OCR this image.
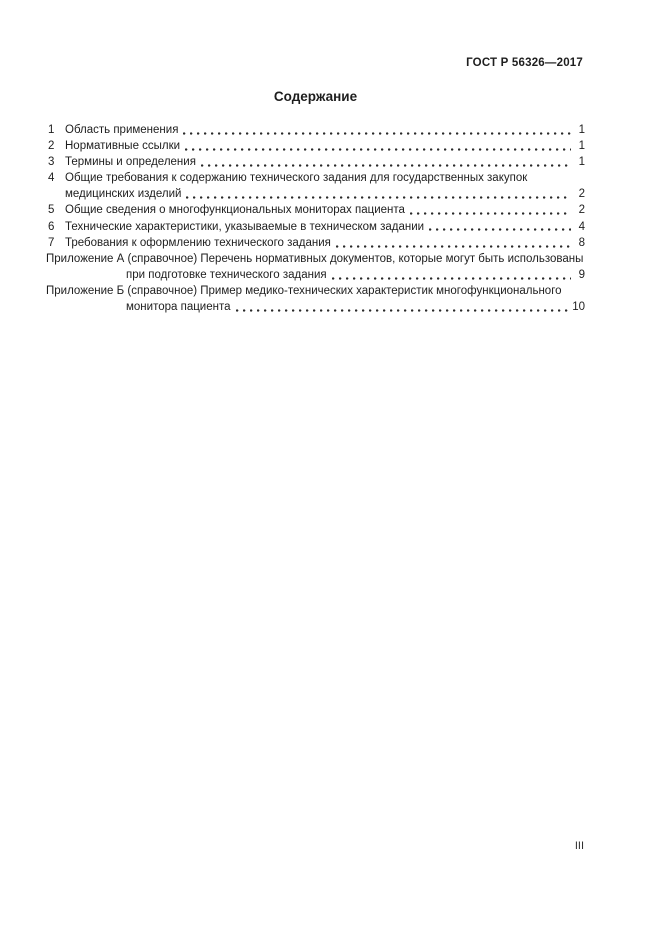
ГОСТ Р 56326—2017
Содержание
1 Область применения	1
2 Нормативные ссылки	1
3 Термины и определения	1
4 Общие требования к содержанию технического задания для государственных закупок
медицинских изделий	2
5 Общие сведения о многофункциональных мониторах пациента	2
6 Технические характеристики, указываемые в техническом задании	4
7 Требования к оформлению технического задания	8
Приложение А (справочное) Перечень нормативных документов, которые могут быть использованы
при подготовке технического задания	9
Приложение Б (справочное) Пример медико-технических характеристик многофункционального
монитора пациента	10
III
